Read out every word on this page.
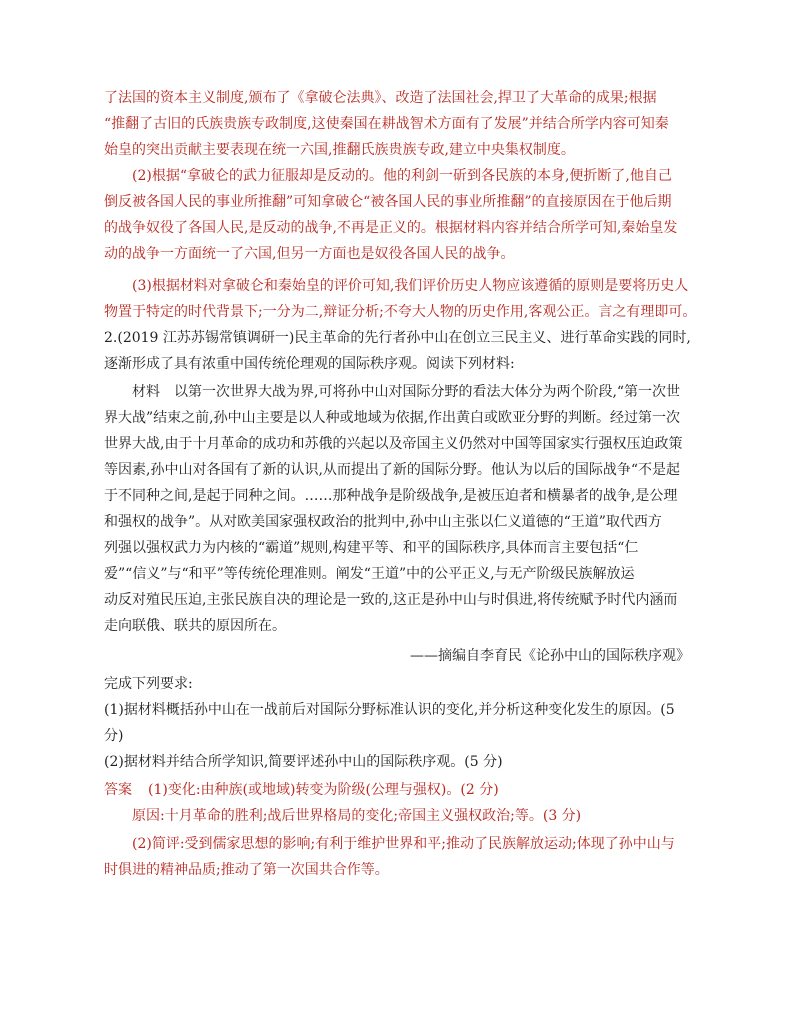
了法国的资本主义制度,颁布了《拿破仑法典》、改造了法国社会,捍卫了大革命的成果;根据
“推翻了古旧的氏族贵族专政制度,这使秦国在耕战智术方面有了发展”并结合所学内容可知秦
始皇的突出贡献主要表现在统一六国,推翻氏族贵族专政,建立中央集权制度。
(2)根据“拿破仑的武力征服却是反动的。他的利剑一斫到各民族的本身,便折断了,他自己
倒反被各国人民的事业所推翻”可知拿破仑“被各国人民的事业所推翻”的直接原因在于他后期
的战争奴役了各国人民,是反动的战争,不再是正义的。根据材料内容并结合所学可知,秦始皇发
动的战争一方面统一了六国,但另一方面也是奴役各国人民的战争。
(3)根据材料对拿破仑和秦始皇的评价可知,我们评价历史人物应该遵循的原则是要将历史人
物置于特定的时代背景下;一分为二,辩证分析;不夸大人物的历史作用,客观公正。言之有理即可。
2.(2019 江苏苏锡常镇调研一)民主革命的先行者孙中山在创立三民主义、进行革命实践的同时,
逐渐形成了具有浓重中国传统伦理观的国际秩序观。阅读下列材料:
材料　以第一次世界大战为界,可将孙中山对国际分野的看法大体分为两个阶段,“第一次世
界大战”结束之前,孙中山主要是以人种或地域为依据,作出黄白或欧亚分野的判断。经过第一次
世界大战,由于十月革命的成功和苏俄的兴起以及帝国主义仍然对中国等国家实行强权压迫政策
等因素,孙中山对各国有了新的认识,从而提出了新的国际分野。他认为以后的国际战争“不是起
于不同种之间,是起于同种之间。……那种战争是阶级战争,是被压迫者和横暴者的战争,是公理
和强权的战争”。从对欧美国家强权政治的批判中,孙中山主张以仁义道德的“王道”取代西方
列强以强权武力为内核的“霸道”规则,构建平等、和平的国际秩序,具体而言主要包括“仁
爱”“信义”与“和平”等传统伦理准则。阐发“王道”中的公平正义,与无产阶级民族解放运
动反对殖民压迫,主张民族自决的理论是一致的,这正是孙中山与时俱进,将传统赋予时代内涵而
走向联俄、联共的原因所在。
——摘编自李育民《论孙中山的国际秩序观》
完成下列要求:
(1)据材料概括孙中山在一战前后对国际分野标准认识的变化,并分析这种变化发生的原因。(5
分)
(2)据材料并结合所学知识,简要评述孙中山的国际秩序观。(5 分)
答案 (1)变化:由种族(或地域)转变为阶级(公理与强权)。(2 分)
原因:十月革命的胜利;战后世界格局的变化;帝国主义强权政治;等。(3 分)
(2)简评:受到儒家思想的影响;有利于维护世界和平;推动了民族解放运动;体现了孙中山与
时俱进的精神品质;推动了第一次国共合作等。
